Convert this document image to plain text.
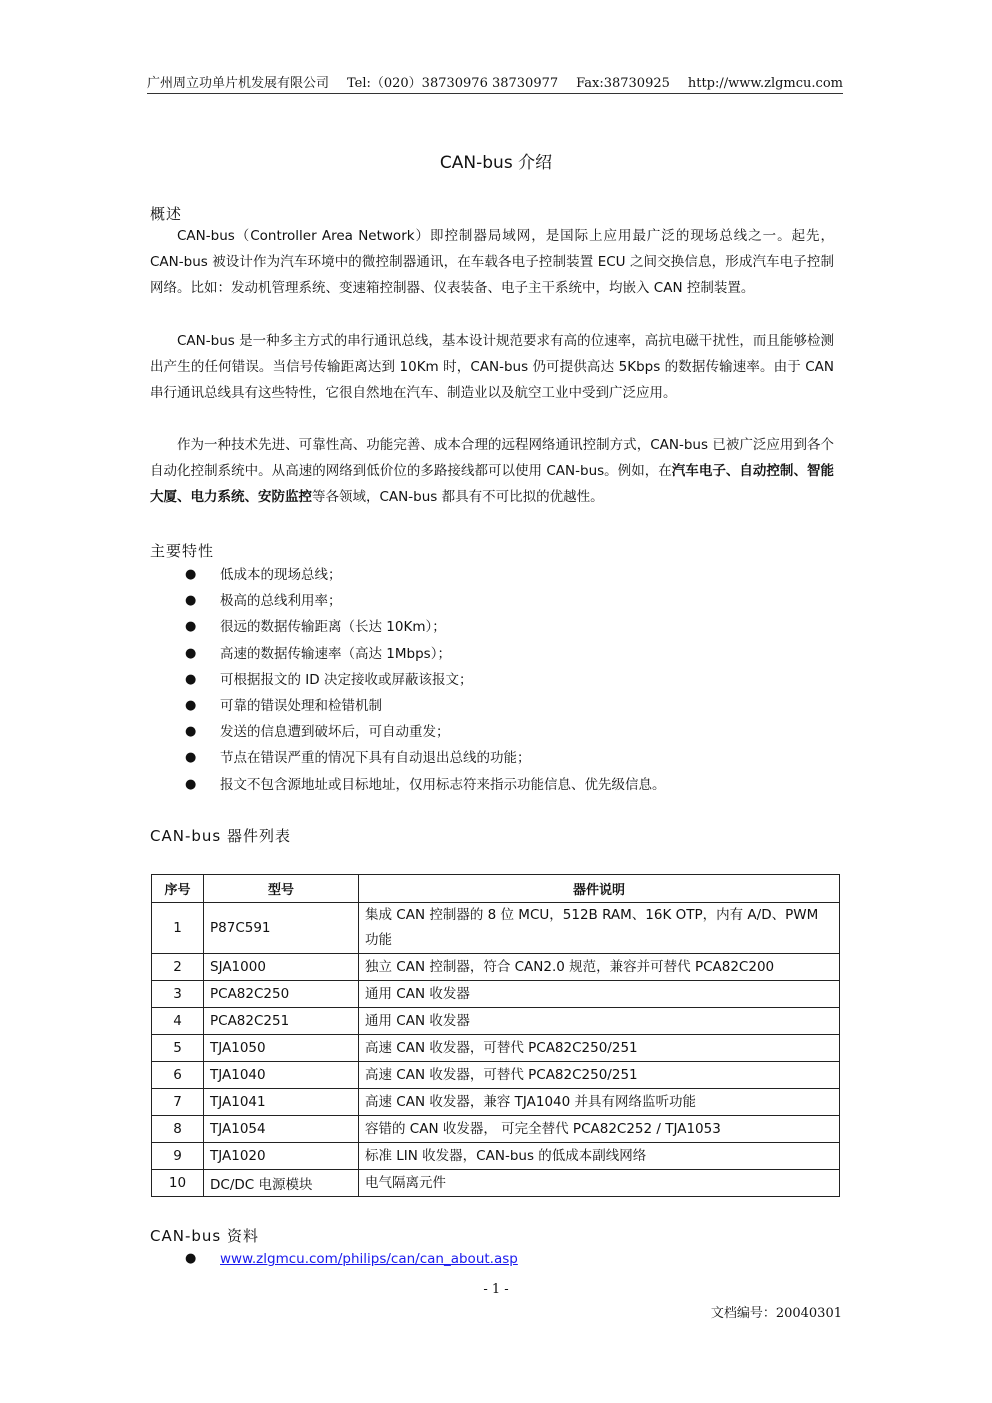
广州周立功单片机发展有限公司 Tel:（020）38730976 38730977 Fax:38730925 http://www.zlgmcu.com
CAN-bus 介绍
概述
CAN-bus（Controller Area Network）即控制器局域网，是国际上应用最广泛的现场总线之一。起先，CAN-bus 被设计作为汽车环境中的微控制器通讯，在车载各电子控制装置 ECU 之间交换信息，形成汽车电子控制网络。比如：发动机管理系统、变速箱控制器、仪表装备、电子主干系统中，均嵌入 CAN 控制装置。
CAN-bus 是一种多主方式的串行通讯总线，基本设计规范要求有高的位速率，高抗电磁干扰性，而且能够检测出产生的任何错误。当信号传输距离达到 10Km 时，CAN-bus 仍可提供高达 5Kbps 的数据传输速率。由于 CAN 串行通讯总线具有这些特性，它很自然地在汽车、制造业以及航空工业中受到广泛应用。
作为一种技术先进、可靠性高、功能完善、成本合理的远程网络通讯控制方式，CAN-bus 已被广泛应用到各个自动化控制系统中。从高速的网络到低价位的多路接线都可以使用 CAN-bus。例如，在汽车电子、自动控制、智能大厦、电力系统、安防监控等各领域，CAN-bus 都具有不可比拟的优越性。
主要特性
●	低成本的现场总线；
●	极高的总线利用率；
●	很远的数据传输距离（长达 10Km）；
●	高速的数据传输速率（高达 1Mbps）；
●	可根据报文的 ID 决定接收或屏蔽该报文；
●	可靠的错误处理和检错机制
●	发送的信息遭到破坏后，可自动重发；
●	节点在错误严重的情况下具有自动退出总线的功能；
●	报文不包含源地址或目标地址，仅用标志符来指示功能信息、优先级信息。
CAN-bus 器件列表
序号	型号	器件说明
1	P87C591	集成 CAN 控制器的 8 位 MCU，512B RAM、16K OTP，内有 A/D、PWM 功能
2	SJA1000	独立 CAN 控制器，符合 CAN2.0 规范，兼容并可替代 PCA82C200
3	PCA82C250	通用 CAN 收发器
4	PCA82C251	通用 CAN 收发器
5	TJA1050	高速 CAN 收发器，可替代 PCA82C250/251
6	TJA1040	高速 CAN 收发器，可替代 PCA82C250/251
7	TJA1041	高速 CAN 收发器，兼容 TJA1040 并具有网络监听功能
8	TJA1054	容错的 CAN 收发器， 可完全替代 PCA82C252 / TJA1053
9	TJA1020	标准 LIN 收发器，CAN-bus 的低成本副线网络
10	DC/DC 电源模块	电气隔离元件
CAN-bus 资料
●	www.zlgmcu.com/philips/can/can_about.asp
- 1 -
文档编号：20040301
